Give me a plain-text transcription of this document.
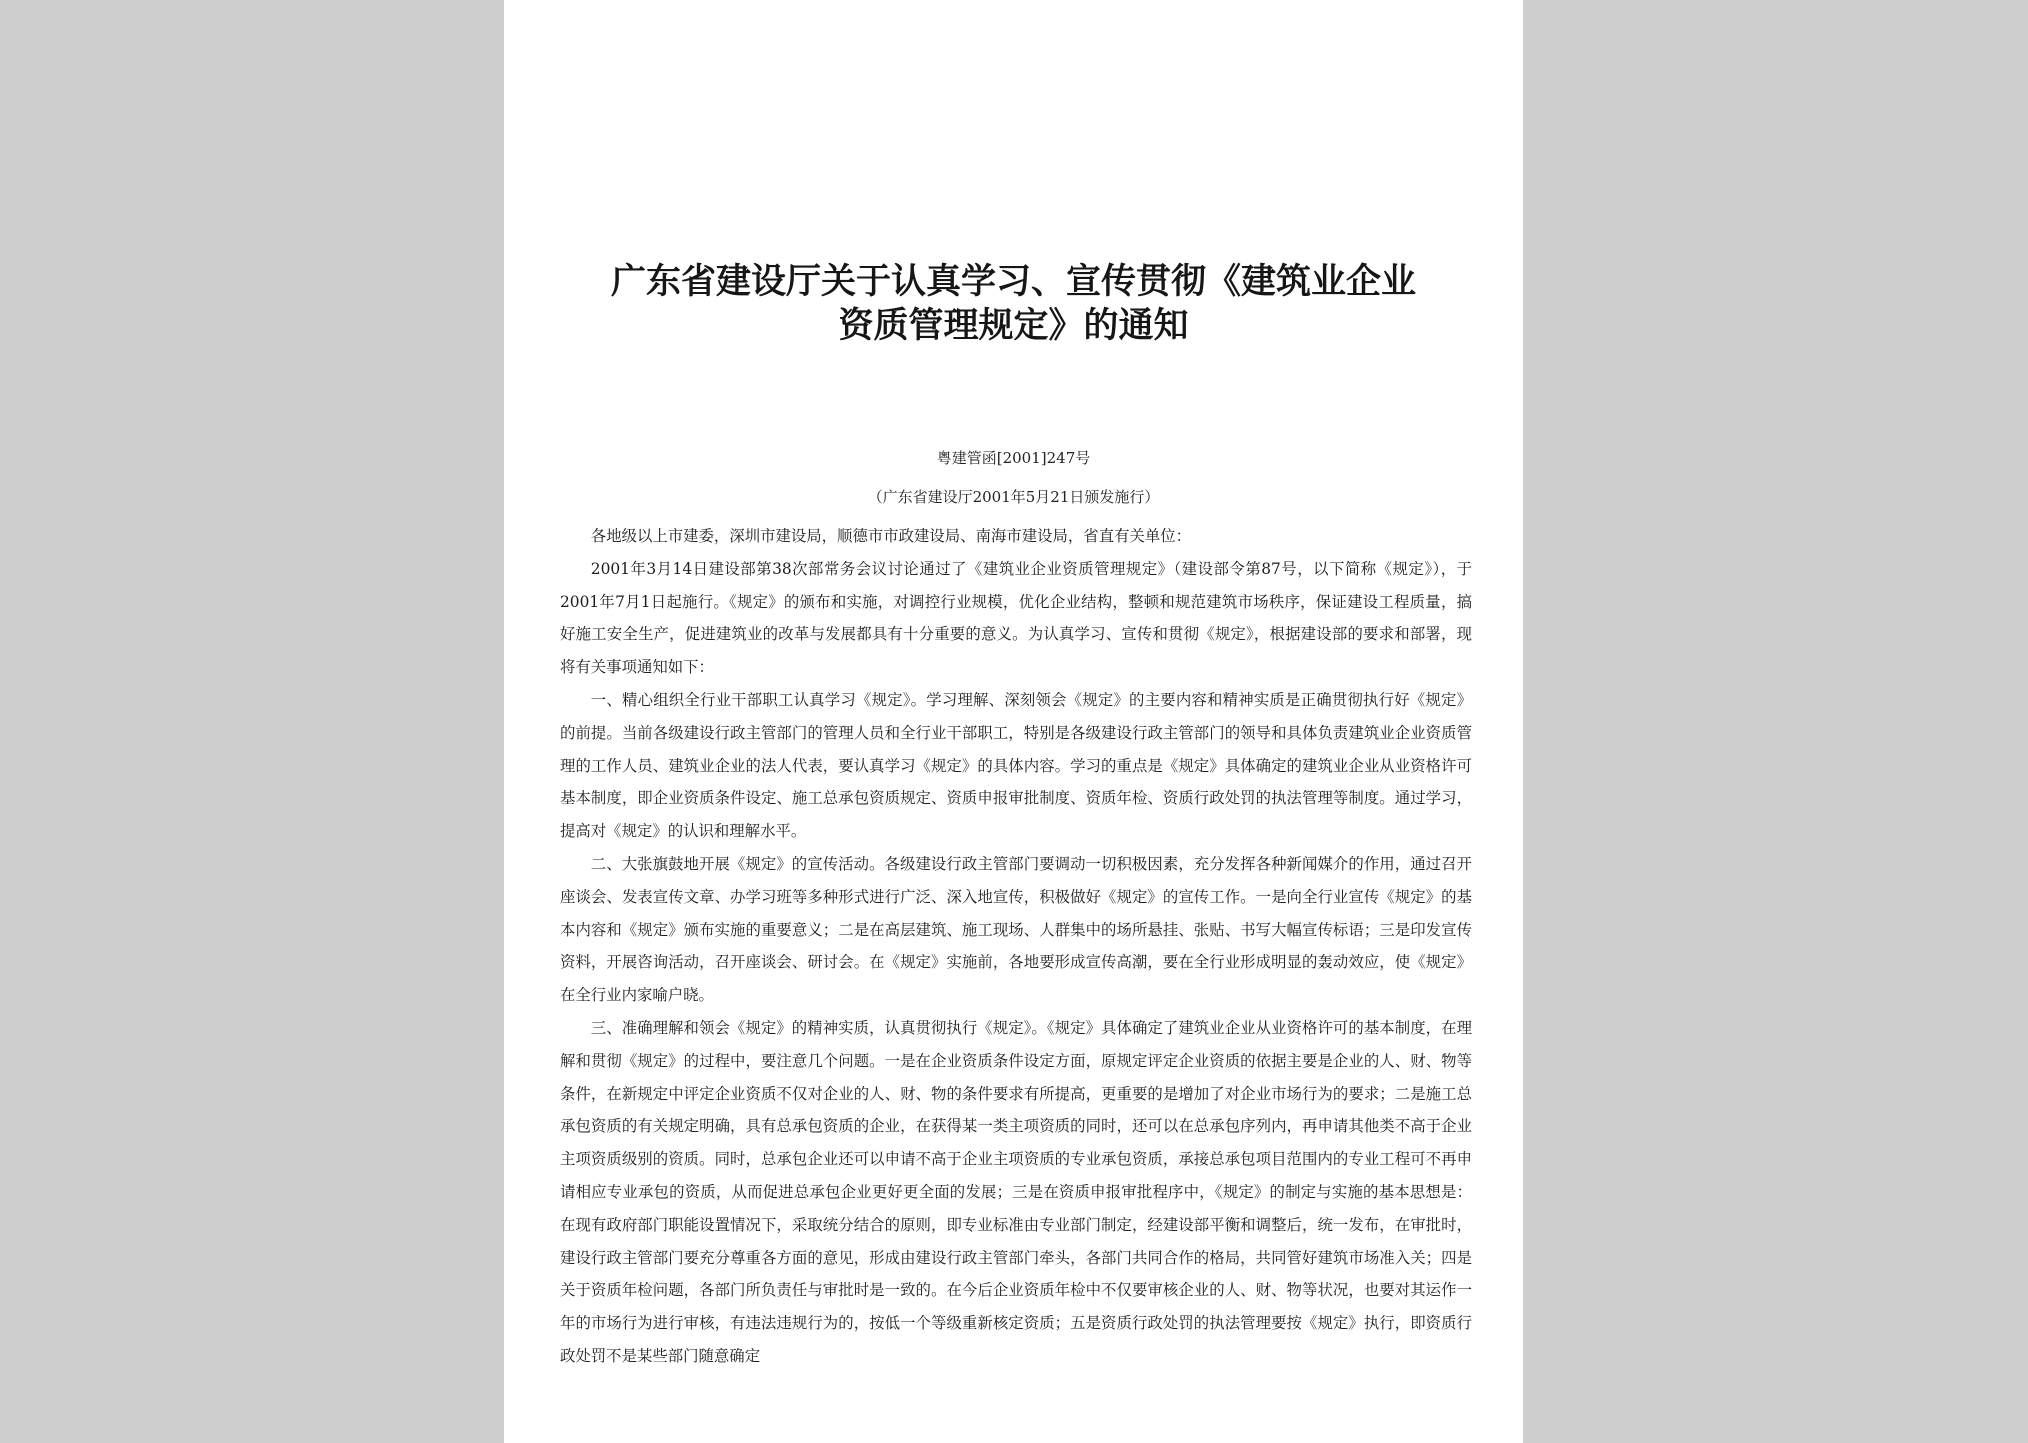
广东省建设厅关于认真学习、宣传贯彻《建筑业企业
资质管理规定》的通知
粤建管函[2001]247号
（广东省建设厅2001年5月21日颁发施行）

各地级以上市建委，深圳市建设局，顺德市市政建设局、南海市建设局，省直有关单位：

2001年3月14日建设部第38次部常务会议讨论通过了《建筑业企业资质管理规定》（建设部令第87号，以下简称《规定》），于2001年7月1日起施行。《规定》的颁布和实施，对调控行业规模，优化企业结构，整顿和规范建筑市场秩序，保证建设工程质量，搞好施工安全生产，促进建筑业的改革与发展都具有十分重要的意义。为认真学习、宣传和贯彻《规定》，根据建设部的要求和部署，现将有关事项通知如下：

一、精心组织全行业干部职工认真学习《规定》。学习理解、深刻领会《规定》的主要内容和精神实质是正确贯彻执行好《规定》的前提。当前各级建设行政主管部门的管理人员和全行业干部职工，特别是各级建设行政主管部门的领导和具体负责建筑业企业资质管理的工作人员、建筑业企业的法人代表，要认真学习《规定》的具体内容。学习的重点是《规定》具体确定的建筑业企业从业资格许可基本制度，即企业资质条件设定、施工总承包资质规定、资质申报审批制度、资质年检、资质行政处罚的执法管理等制度。通过学习，提高对《规定》的认识和理解水平。

二、大张旗鼓地开展《规定》的宣传活动。各级建设行政主管部门要调动一切积极因素，充分发挥各种新闻媒介的作用，通过召开座谈会、发表宣传文章、办学习班等多种形式进行广泛、深入地宣传，积极做好《规定》的宣传工作。一是向全行业宣传《规定》的基本内容和《规定》颁布实施的重要意义；二是在高层建筑、施工现场、人群集中的场所悬挂、张贴、书写大幅宣传标语；三是印发宣传资料，开展咨询活动，召开座谈会、研讨会。在《规定》实施前，各地要形成宣传高潮，要在全行业形成明显的轰动效应，使《规定》在全行业内家喻户晓。

三、准确理解和领会《规定》的精神实质，认真贯彻执行《规定》。《规定》具体确定了建筑业企业从业资格许可的基本制度，在理解和贯彻《规定》的过程中，要注意几个问题。一是在企业资质条件设定方面，原规定评定企业资质的依据主要是企业的人、财、物等条件，在新规定中评定企业资质不仅对企业的人、财、物的条件要求有所提高，更重要的是增加了对企业市场行为的要求；二是施工总承包资质的有关规定明确，具有总承包资质的企业，在获得某一类主项资质的同时，还可以在总承包序列内，再申请其他类不高于企业主项资质级别的资质。同时，总承包企业还可以申请不高于企业主项资质的专业承包资质，承接总承包项目范围内的专业工程可不再申请相应专业承包的资质，从而促进总承包企业更好更全面的发展；三是在资质申报审批程序中，《规定》的制定与实施的基本思想是：在现有政府部门职能设置情况下，采取统分结合的原则，即专业标准由专业部门制定，经建设部平衡和调整后，统一发布，在审批时，建设行政主管部门要充分尊重各方面的意见，形成由建设行政主管部门牵头，各部门共同合作的格局，共同管好建筑市场准入关；四是关于资质年检问题，各部门所负责任与审批时是一致的。在今后企业资质年检中不仅要审核企业的人、财、物等状况，也要对其运作一年的市场行为进行审核，有违法违规行为的，按低一个等级重新核定资质；五是资质行政处罚的执法管理要按《规定》执行，即资质行政处罚不是某些部门随意确定
